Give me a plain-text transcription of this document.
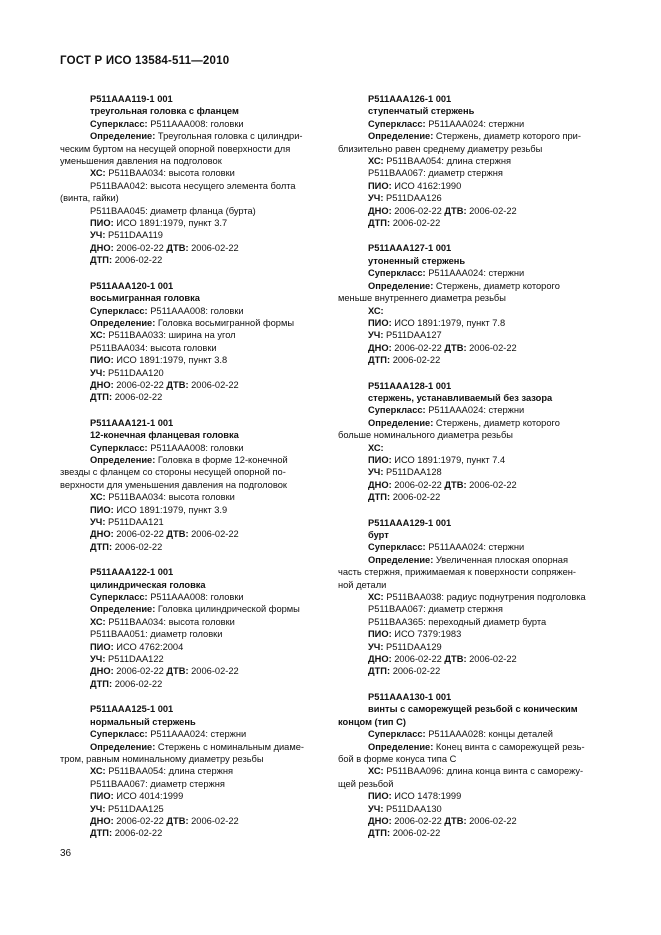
ГОСТ Р ИСО 13584-511—2010
P511AAA119-1 001
треугольная головка с фланцем
Суперкласс: P511AAA008: головки
Определение: Треугольная головка с цилиндри-
ческим буртом на несущей опорной поверхности для
уменьшения давления на подголовок
ХС: P511BAA034: высота головки
P511BAA042: высота несущего элемента болта
(винта, гайки)
P511BAA045: диаметр фланца (бурта)
ПИО: ИСО 1891:1979, пункт 3.7
УЧ: P511DAA119
ДНО: 2006-02-22 ДТВ: 2006-02-22
ДТП: 2006-02-22
P511AAA120-1 001
восьмигранная головка
Суперкласс: P511AAA008: головки
Определение: Головка восьмигранной формы
ХС: P511BAA033: ширина на угол
P511BAA034: высота головки
ПИО: ИСО 1891:1979, пункт 3.8
УЧ: P511DAA120
ДНО: 2006-02-22 ДТВ: 2006-02-22
ДТП: 2006-02-22
P511AAA121-1 001
12-конечная фланцевая головка
Суперкласс: P511AAA008: головки
Определение: Головка в форме 12-конечной
звезды с фланцем со стороны несущей опорной по-
верхности для уменьшения давления на подголовок
ХС: P511BAA034: высота головки
ПИО: ИСО 1891:1979, пункт 3.9
УЧ: P511DAA121
ДНО: 2006-02-22 ДТВ: 2006-02-22
ДТП: 2006-02-22
P511AAA122-1 001
цилиндрическая головка
Суперкласс: P511AAA008: головки
Определение: Головка цилиндрической формы
ХС: P511BAA034: высота головки
P511BAA051: диаметр головки
ПИО: ИСО 4762:2004
УЧ: P511DAA122
ДНО: 2006-02-22 ДТВ: 2006-02-22
ДТП: 2006-02-22
P511AAA125-1 001
нормальный стержень
Суперкласс: P511AAA024: стержни
Определение: Стержень с номинальным диаме-
тром, равным номинальному диаметру резьбы
ХС: P511BAA054: длина стержня
P511BAA067: диаметр стержня
ПИО: ИСО 4014:1999
УЧ: P511DAA125
ДНО: 2006-02-22 ДТВ: 2006-02-22
ДТП: 2006-02-22
P511AAA126-1 001
ступенчатый стержень
Суперкласс: P511AAA024: стержни
Определение: Стержень, диаметр которого при-
близительно равен среднему диаметру резьбы
ХС: P511BAA054: длина стержня
P511BAA067: диаметр стержня
ПИО: ИСО 4162:1990
УЧ: P511DAA126
ДНО: 2006-02-22 ДТВ: 2006-02-22
ДТП: 2006-02-22
P511AAA127-1 001
утоненный стержень
Суперкласс: P511AAA024: стержни
Определение: Стержень, диаметр которого
меньше внутреннего диаметра резьбы
ХС:
ПИО: ИСО 1891:1979, пункт 7.8
УЧ: P511DAA127
ДНО: 2006-02-22 ДТВ: 2006-02-22
ДТП: 2006-02-22
P511AAA128-1 001
стержень, устанавливаемый без зазора
Суперкласс: P511AAA024: стержни
Определение: Стержень, диаметр которого
больше номинального диаметра резьбы
ХС:
ПИО: ИСО 1891:1979, пункт 7.4
УЧ: P511DAA128
ДНО: 2006-02-22 ДТВ: 2006-02-22
ДТП: 2006-02-22
P511AAA129-1 001
бурт
Суперкласс: P511AAA024: стержни
Определение: Увеличенная плоская опорная
часть стержня, прижимаемая к поверхности сопряжен-
ной детали
ХС: P511BAA038: радиус поднутрения подголовка
P511BAA067: диаметр стержня
P511BAA365: переходный диаметр бурта
ПИО: ИСО 7379:1983
УЧ: P511DAA129
ДНО: 2006-02-22 ДТВ: 2006-02-22
ДТП: 2006-02-22
P511AAA130-1 001
винты с саморежущей резьбой с коническим
концом (тип С)
Суперкласс: P511AAA028: концы деталей
Определение: Конец винта с саморежущей резь-
бой в форме конуса типа С
ХС: P511BAA096: длина конца винта с саморежу-
щей резьбой
ПИО: ИСО 1478:1999
УЧ: P511DAA130
ДНО: 2006-02-22 ДТВ: 2006-02-22
ДТП: 2006-02-22
36
